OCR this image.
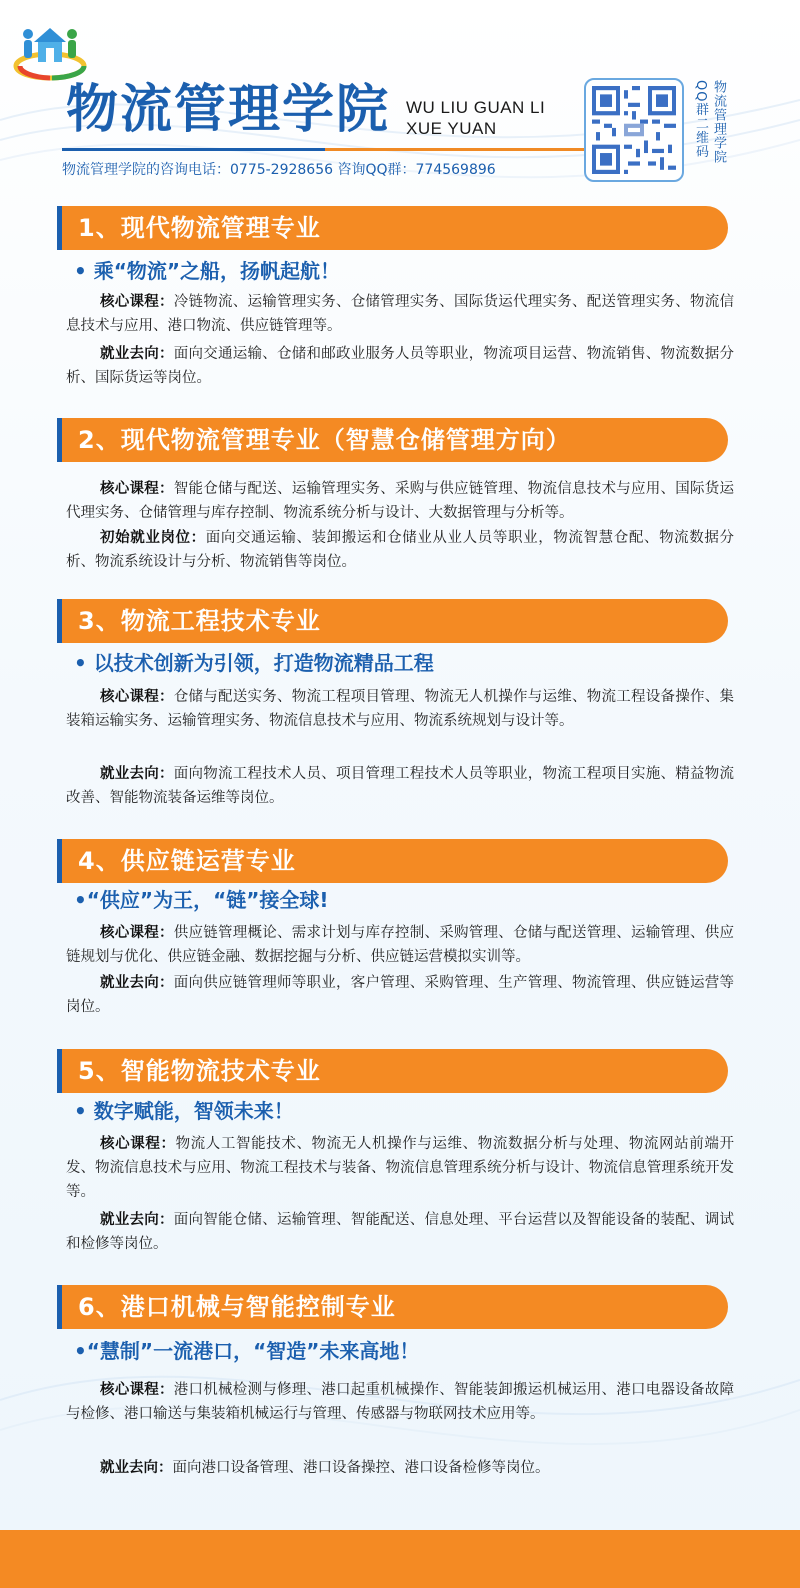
物流管理学院 WU LIU GUAN LI
XUE YUAN
物流管理学院的咨询电话：0775-2928656 咨询QQ群：774569896
QQ群二维码 物流管理学院
1、现代物流管理专业
• 乘“物流”之船，扬帆起航！
核心课程：冷链物流、运输管理实务、仓储管理实务、国际货运代理实务、配送管理实务、物流信息技术与应用、港口物流、供应链管理等。
就业去向：面向交通运输、仓储和邮政业服务人员等职业，物流项目运营、物流销售、物流数据分析、国际货运等岗位。
2、现代物流管理专业（智慧仓储管理方向）
核心课程：智能仓储与配送、运输管理实务、采购与供应链管理、物流信息技术与应用、国际货运代理实务、仓储管理与库存控制、物流系统分析与设计、大数据管理与分析等。
初始就业岗位：面向交通运输、装卸搬运和仓储业从业人员等职业，物流智慧仓配、物流数据分析、物流系统设计与分析、物流销售等岗位。
3、物流工程技术专业
• 以技术创新为引领，打造物流精品工程
核心课程：仓储与配送实务、物流工程项目管理、物流无人机操作与运维、物流工程设备操作、集装箱运输实务、运输管理实务、物流信息技术与应用、物流系统规划与设计等。
就业去向：面向物流工程技术人员、项目管理工程技术人员等职业，物流工程项目实施、精益物流改善、智能物流装备运维等岗位。
4、供应链运营专业
•“供应”为王，“链”接全球!
核心课程：供应链管理概论、需求计划与库存控制、采购管理、仓储与配送管理、运输管理、供应链规划与优化、供应链金融、数据挖掘与分析、供应链运营模拟实训等。
就业去向：面向供应链管理师等职业，客户管理、采购管理、生产管理、物流管理、供应链运营等岗位。
5、智能物流技术专业
• 数字赋能，智领未来！
核心课程：物流人工智能技术、物流无人机操作与运维、物流数据分析与处理、物流网站前端开发、物流信息技术与应用、物流工程技术与装备、物流信息管理系统分析与设计、物流信息管理系统开发等。
就业去向：面向智能仓储、运输管理、智能配送、信息处理、平台运营以及智能设备的装配、调试和检修等岗位。
6、港口机械与智能控制专业
•“慧制”一流港口，“智造”未来高地！
核心课程：港口机械检测与修理、港口起重机械操作、智能装卸搬运机械运用、港口电器设备故障与检修、港口输送与集装箱机械运行与管理、传感器与物联网技术应用等。
就业去向：面向港口设备管理、港口设备操控、港口设备检修等岗位。
